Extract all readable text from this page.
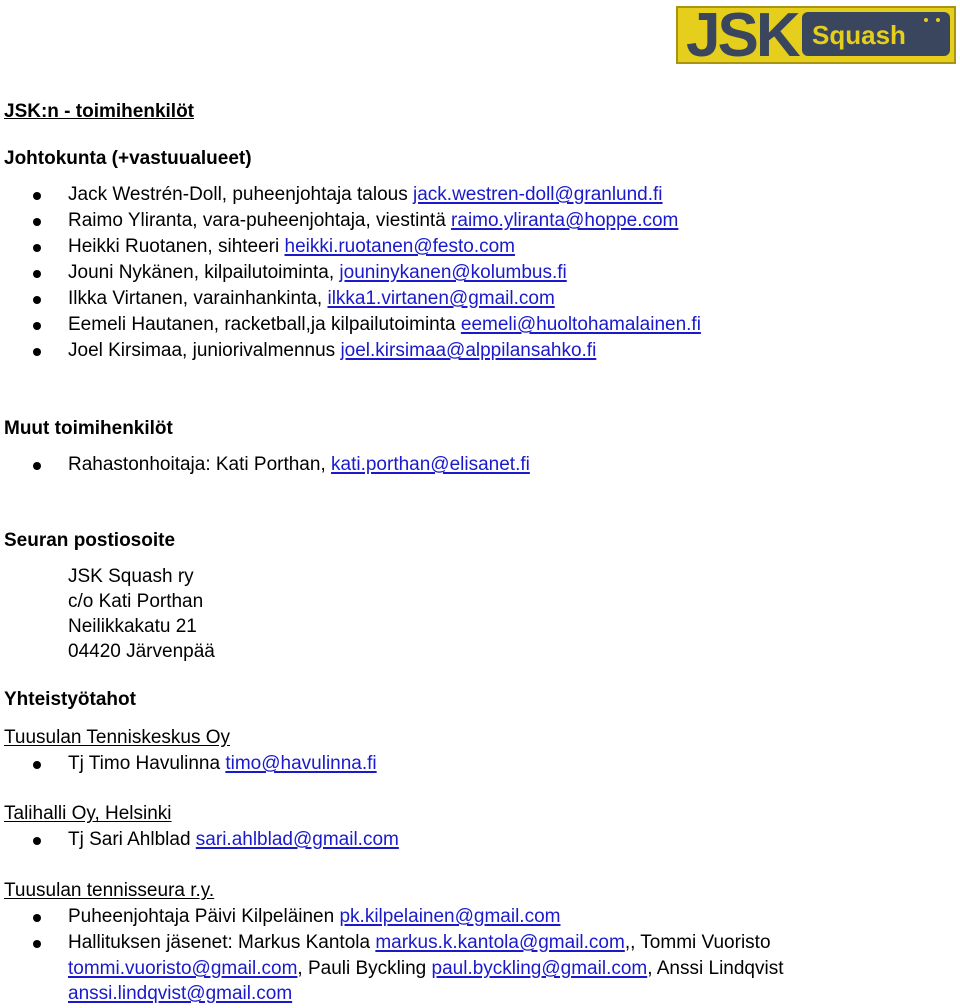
JSK Squash
JSK:n - toimihenkilöt
Johtokunta (+vastuualueet)
Jack Westrén-Doll, puheenjohtaja talous jack.westren-doll@granlund.fi
Raimo Yliranta, vara-puheenjohtaja, viestintä raimo.yliranta@hoppe.com
Heikki Ruotanen, sihteeri heikki.ruotanen@festo.com
Jouni Nykänen, kilpailutoiminta, jouninykanen@kolumbus.fi
Ilkka Virtanen, varainhankinta, ilkka1.virtanen@gmail.com
Eemeli Hautanen, racketball,ja kilpailutoiminta eemeli@huoltohamalainen.fi
Joel Kirsimaa, juniorivalmennus joel.kirsimaa@alppilansahko.fi
Muut toimihenkilöt
Rahastonhoitaja: Kati Porthan, kati.porthan@elisanet.fi
Seuran postiosoite
JSK Squash ry
c/o Kati Porthan
Neilikkakatu 21
04420 Järvenpää
Yhteistyötahot
Tuusulan Tenniskeskus Oy
Tj Timo Havulinna timo@havulinna.fi
Talihalli Oy, Helsinki
Tj Sari Ahlblad sari.ahlblad@gmail.com
Tuusulan tennisseura r.y.
Puheenjohtaja Päivi Kilpeläinen pk.kilpelainen@gmail.com
Hallituksen jäsenet: Markus Kantola markus.k.kantola@gmail.com,, Tommi Vuoristo
tommi.vuoristo@gmail.com, Pauli Byckling paul.byckling@gmail.com, Anssi Lindqvist
anssi.lindqvist@gmail.com
